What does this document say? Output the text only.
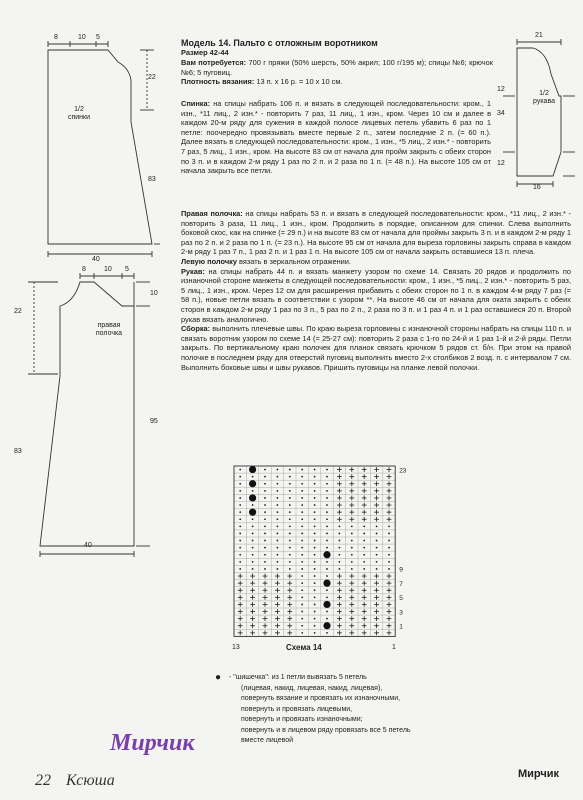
8	10 5
22
83
1/2
спинки
40
8	10 5
22
83
10
95
правая
полочка
40
Модель 14. Пальто с отложным воротником
Размер 42-44
Вам потребуется: 700 г пряжи (50% шерсть, 50% акрил; 100 г/195 м); спицы №6; крючок №6; 5 пуговиц.
Плотность вязания: 13 п. х 16 р. = 10 х 10 см.
Спинка: на спицы набрать 106 п. и вязать в следующей последовательности: кром., 1 изн., *11 лиц., 2 изн.* - повторить 7 раз, 11 лиц., 1 изн., кром. Через 10 см и далее в каждом 20-м ряду для сужения в каждой полосе лицевых петель убавить 6 раз по 1 петле: поочередно провязывать вместе первые 2 п., затем последние 2 п. (= 60 п.). Далее вязать в следующей последовательности: кром., 1 изн., *5 лиц., 2 изн.* - повторить 7 раз, 5 лиц., 1 изн., кром. На высоте 83 см от начала для пройм закрыть с обеих сторон по 3 п. и в каждом 2-м ряду 1 раз по 2 п. и 2 раза по 1 п. (= 48 п.). На высоте 105 см от начала закрыть все петли.
Правая полочка: на спицы набрать 53 п. и вязать в следующей последовательности: кром., *11 лиц., 2 изн.* - повторить 3 раза, 11 лиц., 1 изн., кром. Продолжить в порядке, описанном для спинки. Слева выполнить боковой скос, как на спинке (= 29 п.) и на высоте 83 см от начала для проймы закрыть 3 п. и в каждом 2-м ряду 1 раз по 2 п. и 2 раза по 1 п. (= 23 п.). На высоте 95 см от начала для выреза горловины закрыть справа в каждом 2-м ряду 1 раз 7 п., 1 раз 2 п. и 1 раз 1 п. На высоте 105 см от начала закрыть оставшиеся 13 п. плеча.
Левую полочку вязать в зеркальном отражении.
Рукав: на спицы набрать 44 п. и вязать манжету узором по схеме 14. Связать 20 рядов и продолжить по изнаночной стороне манжеты в следующей последовательности: кром., 1 изн., *5 лиц., 2 изн.* - повторить 5 раз, 5 лиц., 1 изн., кром. Через 12 см для расширения прибавить с обеих сторон по 1 п. в каждом 4-м ряду 7 раз (= 58 п.), новые петли вязать в соответствии с узором **. На высоте 46 см от начала для оката закрыть с обеих сторон в каждом 2-м ряду 1 раз по 3 п., 5 раз по 2 п., 2 раза по 3 п. и 1 раз 4 п. и 1 раз оставшиеся 20 п. Второй рукав вязать аналогично.
Сборка: выполнить плечевые швы. По краю выреза горловины с изнаночной стороны набрать на спицы 110 п. и связать воротник узором по схеме 14 (= 25-27 см): повторить 2 раза с 1-го по 24-й и 1 раз 1-й и 2-й ряды. Петли закрыть. По вертикальному краю полочек для планок связать крючком 5 рядов ст. б/н. При этом на правой полочке в последнем ряду для отверстий пуговиц выполнить вместо 2-х столбиков 2 возд. п. с интервалом 7 см. Выполнить боковые швы и швы рукавов. Пришить пуговицы на планке левой полочки.
21
34
12
12
1/2
рукава
16
23
9
7
5
3
1
Схема 14
13	1
● - "шишечка": из 1 петли вывязать 5 петель
(лицевая, накид, лицевая, накид, лицевая),
повернуть вязание и провязать их изнаночными,
повернуть и провязать лицевыми,
повернуть и провязать изнаночными;
повернуть и в лицевом ряду провязать все 5 петель
вместе лицевой
Мирчик
Мирчик
22 Ксюша
